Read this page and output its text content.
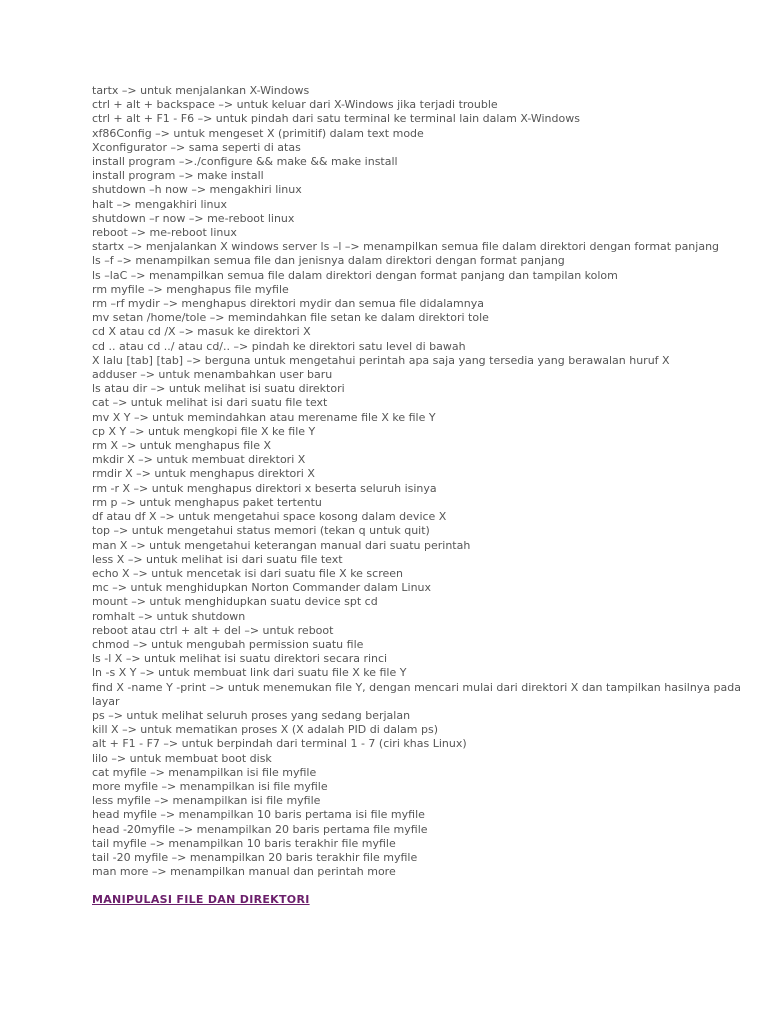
tartx –> untuk menjalankan X-Windows
ctrl + alt + backspace –> untuk keluar dari X-Windows jika terjadi trouble
ctrl + alt + F1 - F6 –> untuk pindah dari satu terminal ke terminal lain dalam X-Windows
xf86Config –> untuk mengeset X (primitif) dalam text mode
Xconfigurator –> sama seperti di atas
install program –>./configure && make && make install
install program –> make install
shutdown –h now –> mengakhiri linux
halt –> mengakhiri linux
shutdown –r now –> me-reboot linux
reboot –> me-reboot linux
startx –> menjalankan X windows server ls –l –> menampilkan semua file dalam direktori dengan format panjang
ls –f –> menampilkan semua file dan jenisnya dalam direktori dengan format panjang
ls –laC –> menampilkan semua file dalam direktori dengan format panjang dan tampilan kolom
rm myfile –> menghapus file myfile
rm –rf mydir –> menghapus direktori mydir dan semua file didalamnya
mv setan /home/tole –> memindahkan file setan ke dalam direktori tole
cd X atau cd /X –> masuk ke direktori X
cd .. atau cd ../ atau cd/.. –> pindah ke direktori satu level di bawah
X lalu [tab] [tab] –> berguna untuk mengetahui perintah apa saja yang tersedia yang berawalan huruf X
adduser –> untuk menambahkan user baru
ls atau dir –> untuk melihat isi suatu direktori
cat –> untuk melihat isi dari suatu file text
mv X Y –> untuk memindahkan atau merename file X ke file Y
cp X Y –> untuk mengkopi file X ke file Y
rm X –> untuk menghapus file X
mkdir X –> untuk membuat direktori X
rmdir X –> untuk menghapus direktori X
rm -r X –> untuk menghapus direktori x beserta seluruh isinya
rm p –> untuk menghapus paket tertentu
df atau df X –> untuk mengetahui space kosong dalam device X
top –> untuk mengetahui status memori (tekan q untuk quit)
man X –> untuk mengetahui keterangan manual dari suatu perintah
less X –> untuk melihat isi dari suatu file text
echo X –> untuk mencetak isi dari suatu file X ke screen
mc –> untuk menghidupkan Norton Commander dalam Linux
mount –> untuk menghidupkan suatu device spt cd
romhalt –> untuk shutdown
reboot atau ctrl + alt + del –> untuk reboot
chmod –> untuk mengubah permission suatu file
ls -l X –> untuk melihat isi suatu direktori secara rinci
ln -s X Y –> untuk membuat link dari suatu file X ke file Y
find X -name Y -print –> untuk menemukan file Y, dengan mencari mulai dari direktori X dan tampilkan hasilnya pada layar
ps –> untuk melihat seluruh proses yang sedang berjalan
kill X –> untuk mematikan proses X (X adalah PID di dalam ps)
alt + F1 - F7 –> untuk berpindah dari terminal 1 - 7 (ciri khas Linux)
lilo –> untuk membuat boot disk
cat myfile –> menampilkan isi file myfile
more myfile –> menampilkan isi file myfile
less myfile –> menampilkan isi file myfile
head myfile –> menampilkan 10 baris pertama isi file myfile
head -20myfile –> menampilkan 20 baris pertama file myfile
tail myfile –> menampilkan 10 baris terakhir file myfile
tail -20 myfile –> menampilkan 20 baris terakhir file myfile
man more –> menampilkan manual dan perintah more
MANIPULASI FILE DAN DIREKTORI
